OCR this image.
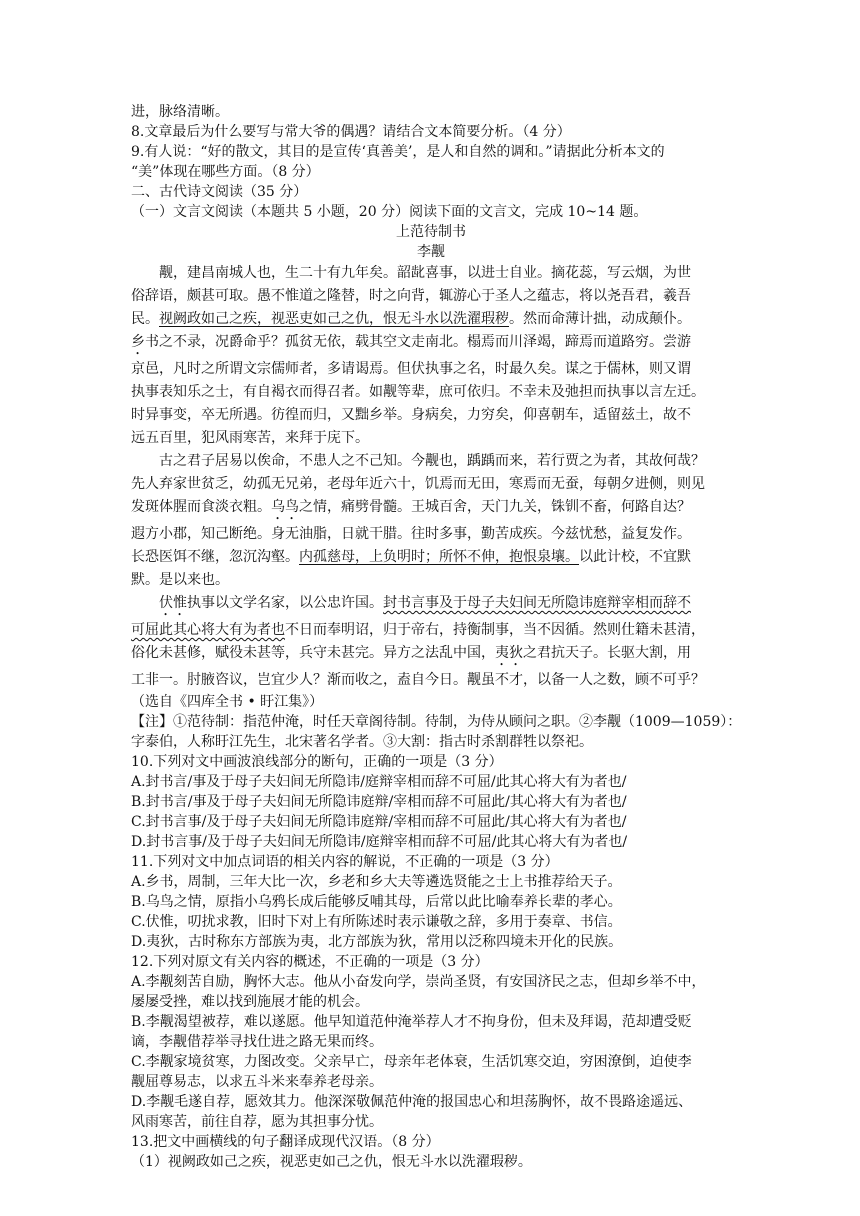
进，脉络清晰。
8.文章最后为什么要写与常大爷的偶遇？请结合文本简要分析。（4 分）
9.有人说：“好的散文，其目的是宣传‘真善美’，是人和自然的调和。”请据此分析本文的
“美”体现在哪些方面。（8 分）
二、古代诗文阅读（35 分）
（一）文言文阅读（本题共 5 小题，20 分）阅读下面的文言文，完成 10~14 题。
上范待制书
李觏
觏，建昌南城人也，生二十有九年矣。韶龀喜事，以进士自业。摘花蕊，写云烟，为世
俗辞语，颇甚可取。愚不惟道之隆替，时之向背，辄游心于圣人之蕴志，将以尧吾君，羲吾
民。视阙政如己之疾，视恶吏如己之仇，恨无斗水以洗濯瑕秽。然而命薄计拙，动成颠仆。
乡书之不录，况爵命乎？孤贫无依，载其空文走南北。榻焉而川泽竭，蹄焉而道路穷。尝游
京邑，凡时之所谓文宗儒师者，多请谒焉。但伏执事之名，时最久矣。谋之于儒林，则又谓
执事表知乐之士，有自褐衣而得召者。如觏等辈，庶可依归。不幸未及弛担而执事以言左迁。
时异事变，卒无所遇。彷徨而归，又黜乡举。身病矣，力穷矣，仰喜朝车，适留兹土，故不
远五百里，犯风雨寒苦，来拜于庑下。
古之君子居易以俟命，不患人之不己知。今觏也，踽踽而来，若行贾之为者，其故何哉？
先人弃家世贫乏，幼孤无兄弟，老母年近六十，饥焉而无田，寒焉而无蚕，每朝夕进侧，则见
发斑体腥而食淡衣粗。乌鸟之情，痛劈骨髓。王城百舍，天门九关，铢钏不畜，何路自达？
遐方小郡，知己断绝。身无油脂，日就干腊。往时多事，勤苦成疾。今兹忧愁，益复发作。
长恐医饵不继，忽沉沟壑。内孤慈母，上负明时；所怀不伸，抱恨泉壤。以此计校，不宜默
默。是以来也。
伏惟执事以文学名家，以公忠许国。封书言事及于母子夫妇间无所隐讳庭辩宰相而辞不
可屈此其心将大有为者也不日而奉明诏，归于帝右，持衡制事，当不因循。然则仕籍未甚清，
俗化未甚修，赋役未甚等，兵守未甚完。异方之法乱中国，夷狄之君抗天子。长驱大割，用
工非一。肘腋咨议，岂宜少人？渐而收之，盍自今日。觏虽不才，以备一人之数，顾不可乎？
（选自《四库全书 • 盱江集》）
【注】①范待制：指范仲淹，时任天章阁待制。待制，为侍从顾问之职。②李觏（1009—1059）：
字泰伯，人称盱江先生，北宋著名学者。③大割：指古时杀割群牲以祭祀。
10.下列对文中画波浪线部分的断句，正确的一项是（3 分）
A.封书言/事及于母子夫妇间无所隐讳/庭辩宰相而辞不可屈/此其心将大有为者也/
B.封书言/事及于母子夫妇间无所隐讳庭辩/宰相而辞不可屈此/其心将大有为者也/
C.封书言事/及于母子夫妇间无所隐讳庭辩/宰相而辞不可屈此/其心将大有为者也/
D.封书言事/及于母子夫妇间无所隐讳/庭辩宰相而辞不可屈/此其心将大有为者也/
11.下列对文中加点词语的相关内容的解说，不正确的一项是（3 分）
A.乡书，周制，三年大比一次，乡老和乡大夫等遴选贤能之士上书推荐给天子。
B.乌鸟之情，原指小乌鸦长成后能够反哺其母，后常以此比喻奉养长辈的孝心。
C.伏惟，叨扰求教，旧时下对上有所陈述时表示谦敬之辞，多用于奏章、书信。
D.夷狄，古时称东方部族为夷，北方部族为狄，常用以泛称四境未开化的民族。
12.下列对原文有关内容的概述，不正确的一项是（3 分）
A.李觏刻苦自励，胸怀大志。他从小奋发向学，崇尚圣贤，有安国济民之志，但却乡举不中，
屡屡受挫，难以找到施展才能的机会。
B.李觏渴望被荐，难以遂愿。他早知道范仲淹举荐人才不拘身份，但未及拜谒，范却遭受贬
谪，李觏借荐举寻找仕进之路无果而终。
C.李觏家境贫寒，力图改变。父亲早亡，母亲年老体衰，生活饥寒交迫，穷困潦倒，迫使李
觏屈尊易志，以求五斗米来奉养老母亲。
D.李觏毛遂自荐，愿效其力。他深深敬佩范仲淹的报国忠心和坦荡胸怀，故不畏路途遥远、
风雨寒苦，前往自荐，愿为其担事分忧。
13.把文中画横线的句子翻译成现代汉语。（8 分）
（1）视阙政如己之疾，视恶吏如己之仇，恨无斗水以洗濯瑕秽。
